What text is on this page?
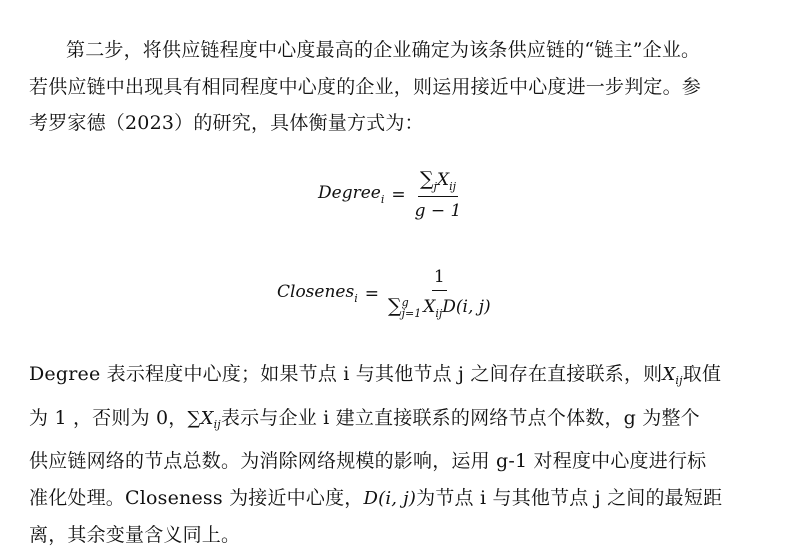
第二步，将供应链程度中心度最高的企业确定为该条供应链的“链主”企业。
若供应链中出现具有相同程度中心度的企业，则运用接近中心度进一步判定。参
考罗家德（2023）的研究，具体衡量方式为：
Degree$_i$ = $\frac{\sum_jX_{ij}}{g - 1}$
Closenes$_i$ = 1
∑ g
j=1 $X_{ij}D(i$, j)
Degree 表示程度中心度；如果节点 i 与其他节点 j 之间存在直接联系，则$X_{ij}$取值
为 1 ，否则为 0，$\sum X_{ij}$表示与企业 i 建立直接联系的网络节点个体数，g 为整个
供应链网络的节点总数。为消除网络规模的影响，运用 g-1 对程度中心度进行标
准化处理。Closeness 为接近中心度，D(i, j)为节点 i 与其他节点 j 之间的最短距
离，其余变量含义同上。
